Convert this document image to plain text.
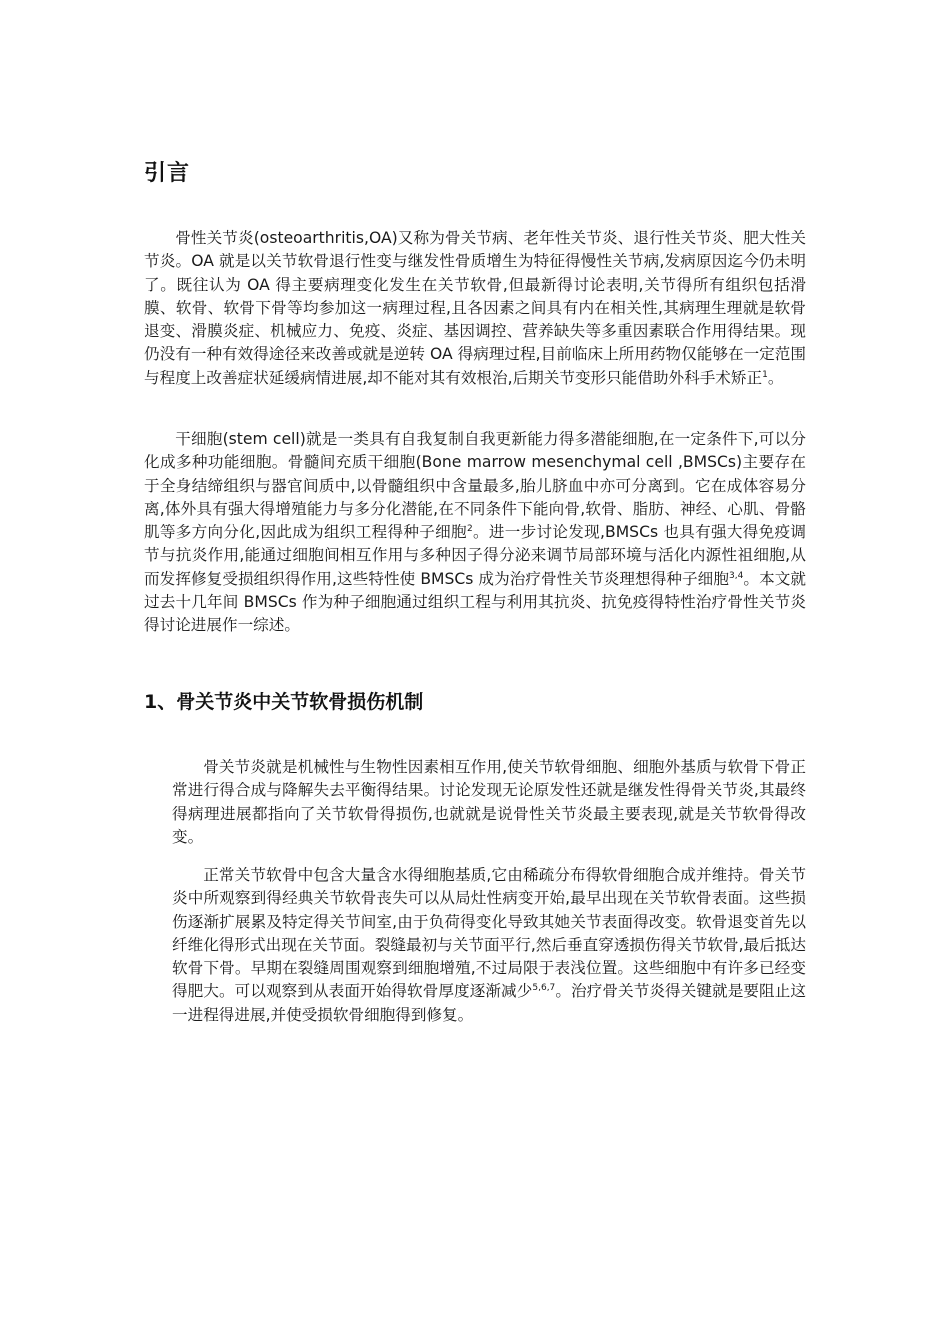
引言

骨性关节炎(osteoarthritis,OA)又称为骨关节病、老年性关节炎、退行性关节炎、肥大性关节炎。OA 就是以关节软骨退行性变与继发性骨质增生为特征得慢性关节病,发病原因迄今仍未明了。既往认为 OA 得主要病理变化发生在关节软骨,但最新得讨论表明,关节得所有组织包括滑膜、软骨、软骨下骨等均参加这一病理过程,且各因素之间具有内在相关性,其病理生理就是软骨退变、滑膜炎症、机械应力、免疫、炎症、基因调控、营养缺失等多重因素联合作用得结果。现仍没有一种有效得途径来改善或就是逆转 OA 得病理过程,目前临床上所用药物仅能够在一定范围与程度上改善症状延缓病情进展,却不能对其有效根治,后期关节变形只能借助外科手术矫正$^1$。

干细胞(stem cell)就是一类具有自我复制自我更新能力得多潜能细胞,在一定条件下,可以分化成多种功能细胞。骨髓间充质干细胞(Bone marrow mesenchymal cell ,BMSCs)主要存在于全身结缔组织与器官间质中,以骨髓组织中含量最多,胎儿脐血中亦可分离到。它在成体容易分离,体外具有强大得增殖能力与多分化潜能,在不同条件下能向骨,软骨、脂肪、神经、心肌、骨骼肌等多方向分化,因此成为组织工程得种子细胞$^2$。进一步讨论发现,BMSCs 也具有强大得免疫调节与抗炎作用,能通过细胞间相互作用与多种因子得分泌来调节局部环境与活化内源性祖细胞,从而发挥修复受损组织得作用,这些特性使 BMSCs 成为治疗骨性关节炎理想得种子细胞$^{3,4}$。本文就过去十几年间 BMSCs 作为种子细胞通过组织工程与利用其抗炎、抗免疫得特性治疗骨性关节炎得讨论进展作一综述。

1、骨关节炎中关节软骨损伤机制

骨关节炎就是机械性与生物性因素相互作用,使关节软骨细胞、细胞外基质与软骨下骨正常进行得合成与降解失去平衡得结果。讨论发现无论原发性还就是继发性得骨关节炎,其最终得病理进展都指向了关节软骨得损伤,也就就是说骨性关节炎最主要表现,就是关节软骨得改变。

正常关节软骨中包含大量含水得细胞基质,它由稀疏分布得软骨细胞合成并维持。骨关节炎中所观察到得经典关节软骨丧失可以从局灶性病变开始,最早出现在关节软骨表面。这些损伤逐渐扩展累及特定得关节间室,由于负荷得变化导致其她关节表面得改变。软骨退变首先以纤维化得形式出现在关节面。裂缝最初与关节面平行,然后垂直穿透损伤得关节软骨,最后抵达软骨下骨。早期在裂缝周围观察到细胞增殖,不过局限于表浅位置。这些细胞中有许多已经变得肥大。可以观察到从表面开始得软骨厚度逐渐减少$^{5,6,7}$。治疗骨关节炎得关键就是要阻止这一进程得进展,并使受损软骨细胞得到修复。
